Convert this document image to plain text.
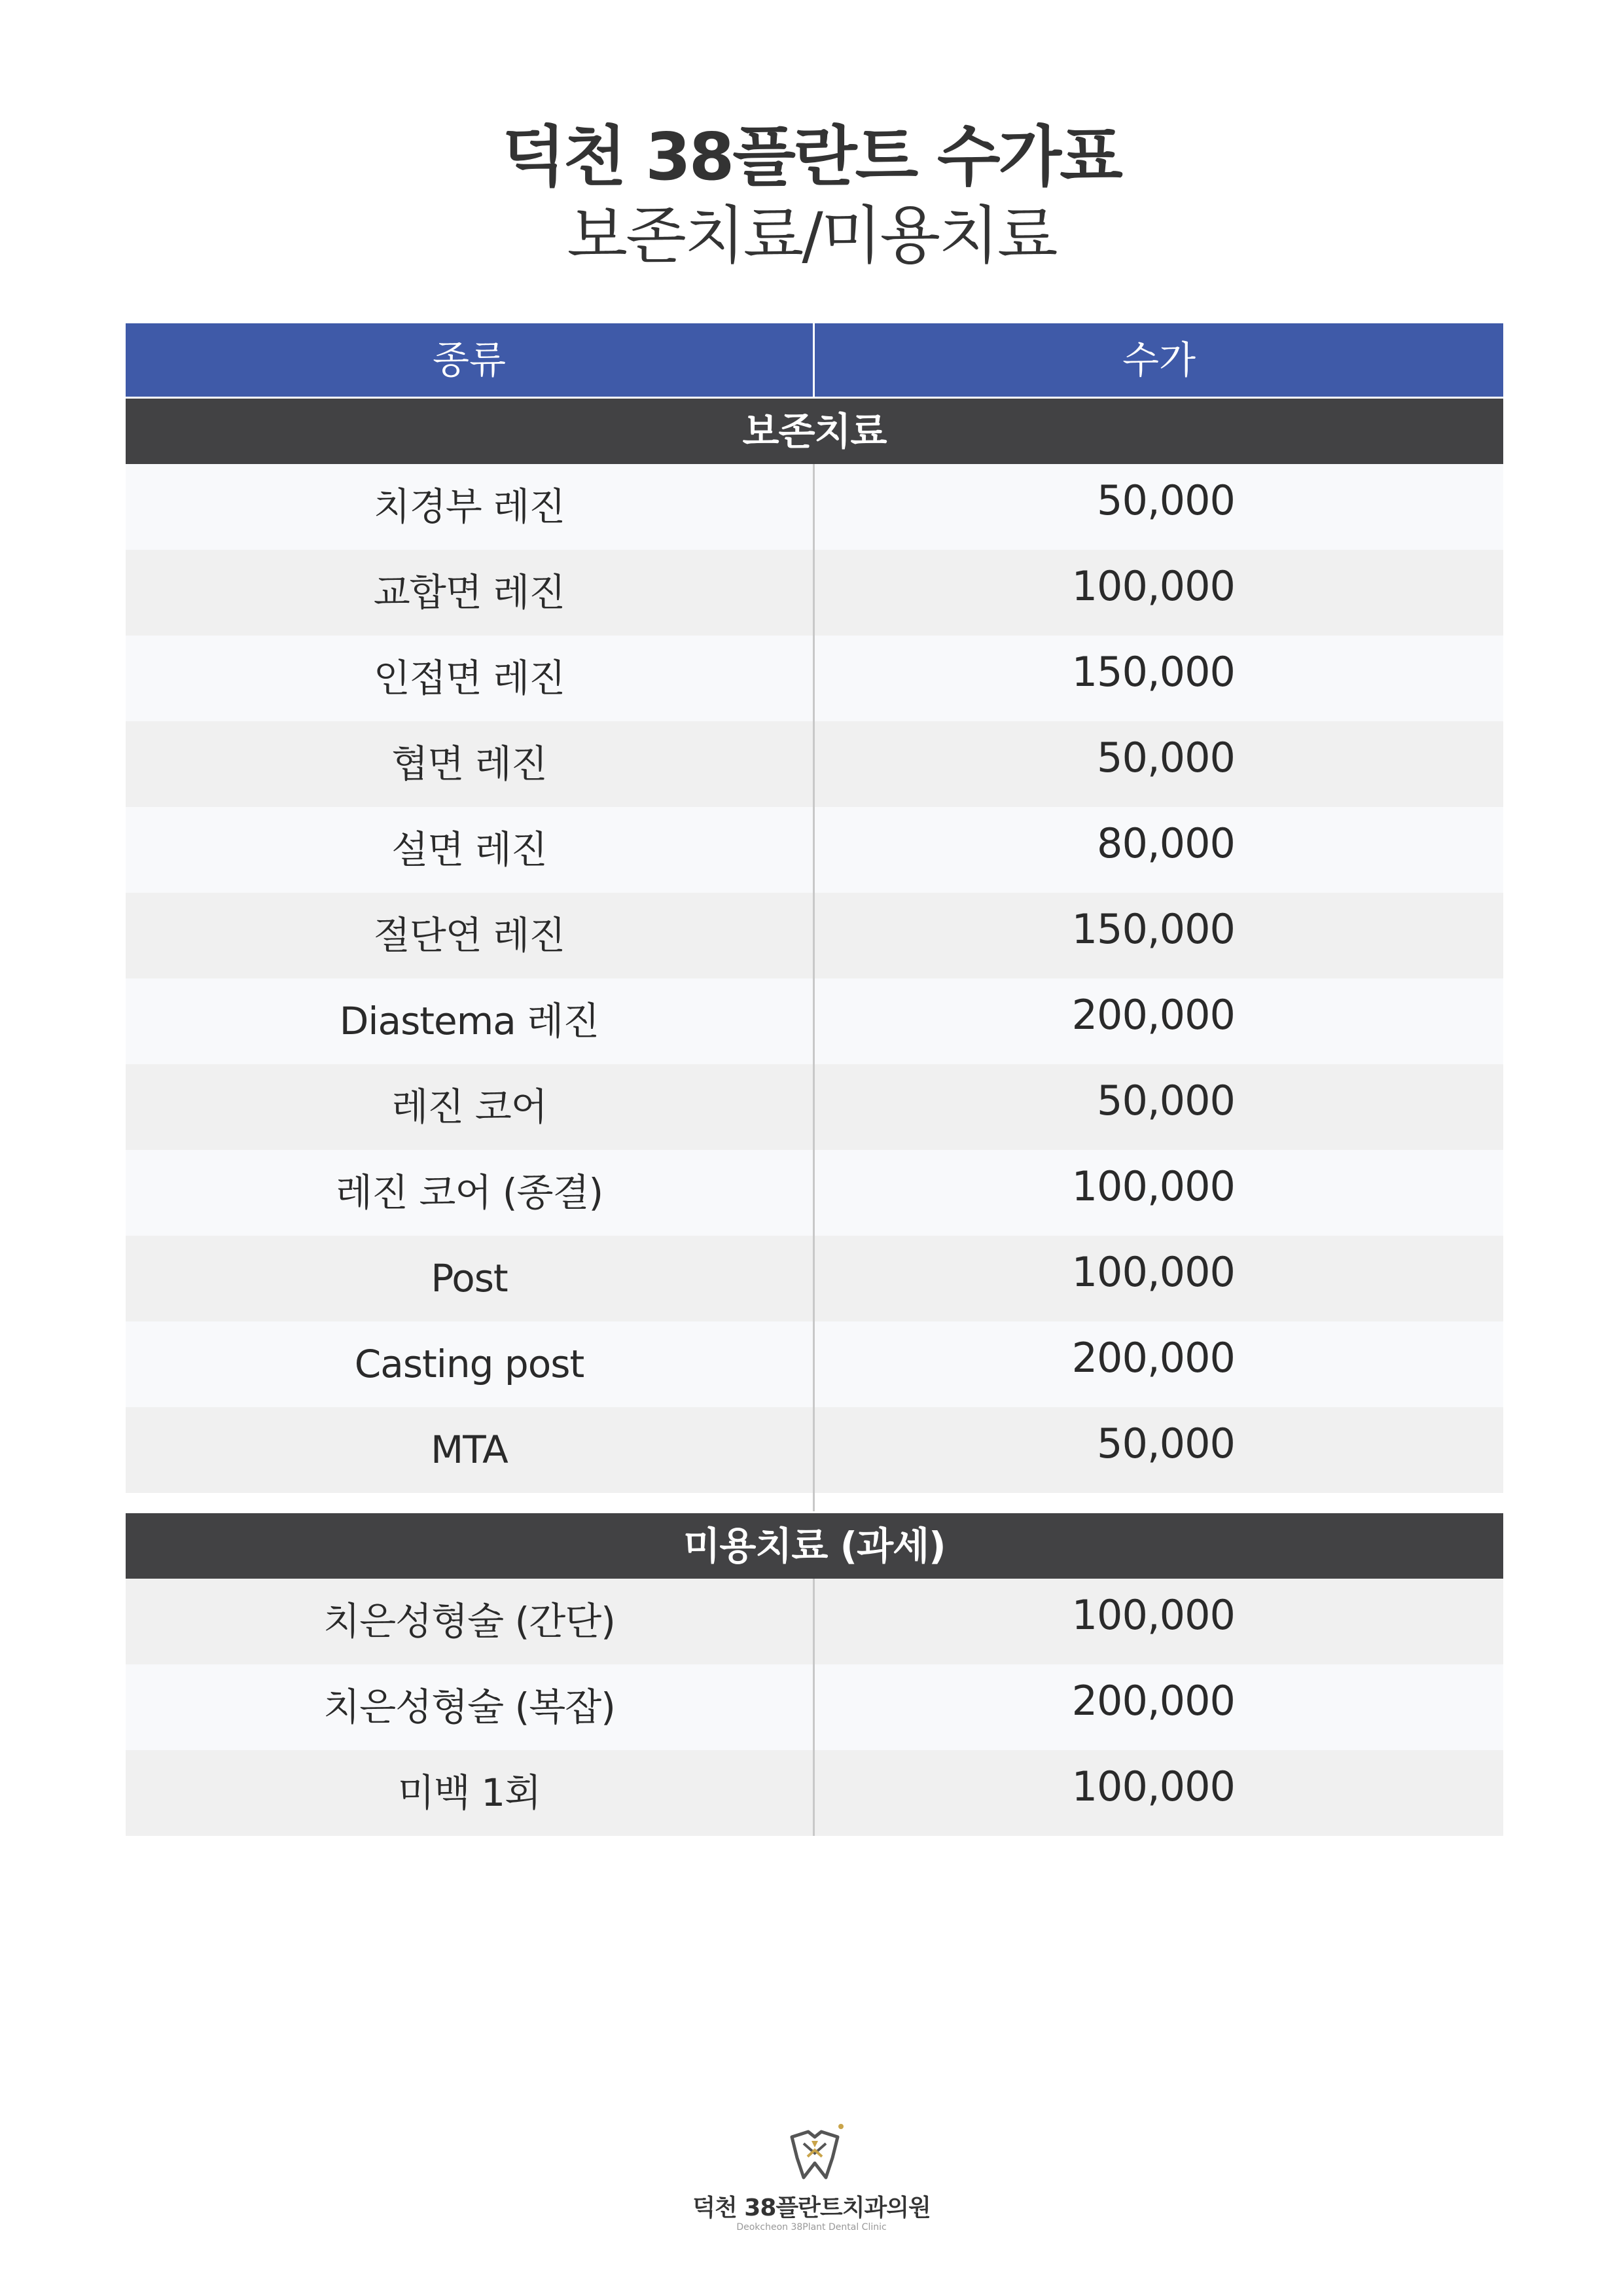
덕천 38플란트 수가표
보존치료/미용치료
종류	수가
보존치료
치경부 레진	50,000
교합면 레진	100,000
인접면 레진	150,000
협면 레진	50,000
설면 레진	80,000
절단연 레진	150,000
Diastema 레진	200,000
레진 코어	50,000
레진 코어 (종결)	100,000
Post	100,000
Casting post	200,000
MTA	50,000
미용치료 (과세)
치은성형술 (간단)	100,000
치은성형술 (복잡)	200,000
미백 1회	100,000
덕천 38플란트치과의원
Deokcheon 38Plant Dental Clinic
